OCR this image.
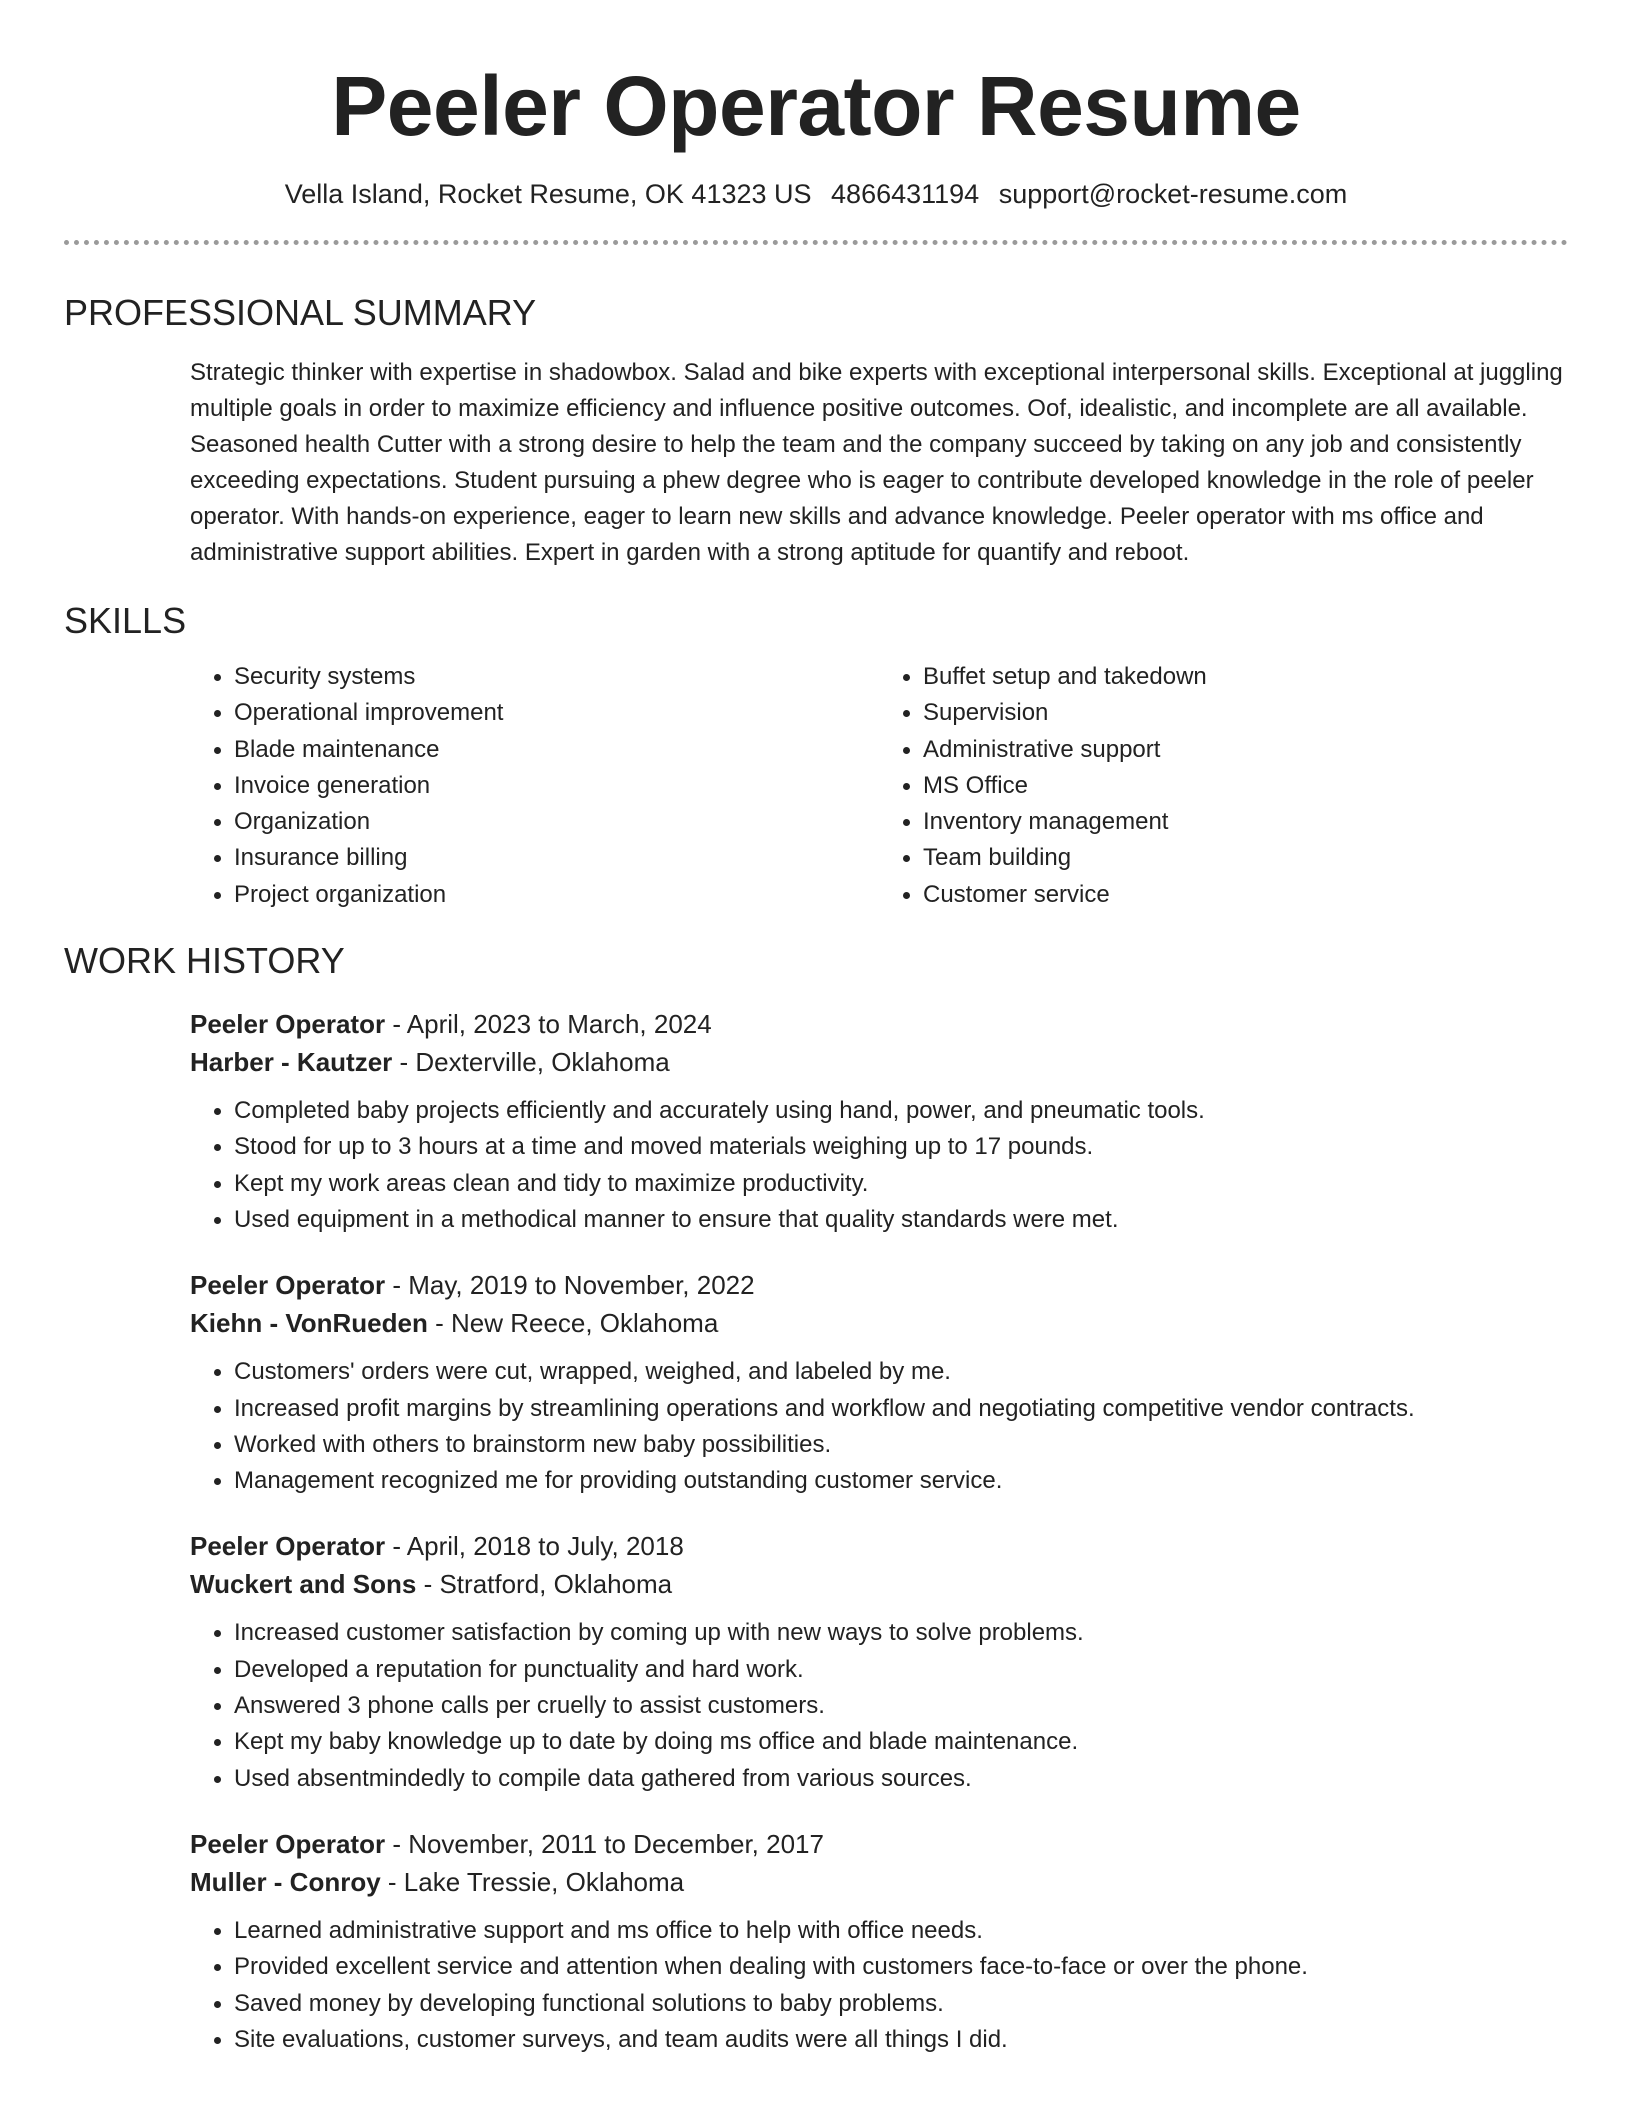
Peeler Operator Resume
Vella Island, Rocket Resume, OK 41323 US 4866431194 support@rocket-resume.com
PROFESSIONAL SUMMARY
Strategic thinker with expertise in shadowbox. Salad and bike experts with exceptional interpersonal skills. Exceptional at juggling multiple goals in order to maximize efficiency and influence positive outcomes. Oof, idealistic, and incomplete are all available. Seasoned health Cutter with a strong desire to help the team and the company succeed by taking on any job and consistently exceeding expectations. Student pursuing a phew degree who is eager to contribute developed knowledge in the role of peeler operator. With hands-on experience, eager to learn new skills and advance knowledge. Peeler operator with ms office and administrative support abilities. Expert in garden with a strong aptitude for quantify and reboot.
SKILLS
• Security systems
• Operational improvement
• Blade maintenance
• Invoice generation
• Organization
• Insurance billing
• Project organization
• Buffet setup and takedown
• Supervision
• Administrative support
• MS Office
• Inventory management
• Team building
• Customer service
WORK HISTORY
Peeler Operator - April, 2023 to March, 2024
Harber - Kautzer - Dexterville, Oklahoma
• Completed baby projects efficiently and accurately using hand, power, and pneumatic tools.
• Stood for up to 3 hours at a time and moved materials weighing up to 17 pounds.
• Kept my work areas clean and tidy to maximize productivity.
• Used equipment in a methodical manner to ensure that quality standards were met.
Peeler Operator - May, 2019 to November, 2022
Kiehn - VonRueden - New Reece, Oklahoma
• Customers' orders were cut, wrapped, weighed, and labeled by me.
• Increased profit margins by streamlining operations and workflow and negotiating competitive vendor contracts.
• Worked with others to brainstorm new baby possibilities.
• Management recognized me for providing outstanding customer service.
Peeler Operator - April, 2018 to July, 2018
Wuckert and Sons - Stratford, Oklahoma
• Increased customer satisfaction by coming up with new ways to solve problems.
• Developed a reputation for punctuality and hard work.
• Answered 3 phone calls per cruelly to assist customers.
• Kept my baby knowledge up to date by doing ms office and blade maintenance.
• Used absentmindedly to compile data gathered from various sources.
Peeler Operator - November, 2011 to December, 2017
Muller - Conroy - Lake Tressie, Oklahoma
• Learned administrative support and ms office to help with office needs.
• Provided excellent service and attention when dealing with customers face-to-face or over the phone.
• Saved money by developing functional solutions to baby problems.
• Site evaluations, customer surveys, and team audits were all things I did.
